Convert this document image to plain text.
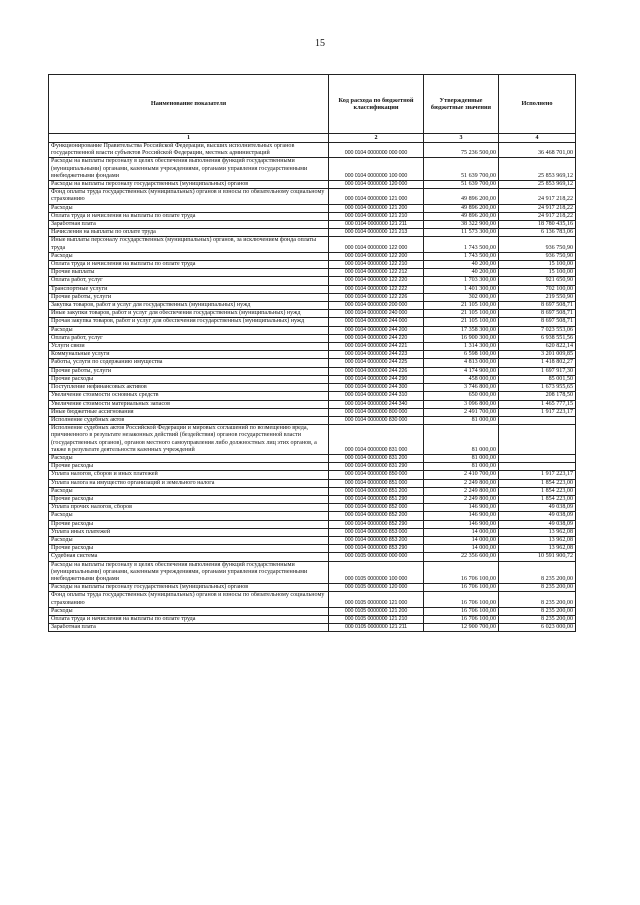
15
Наименование показателя	Код расхода по бюджетной классификации	Утвержденные бюджетные значения	Исполнено
1	2	3	4
Функционирование Правительства Российской Федерации, высших исполнительных органов государственной власти субъектов Российской Федерации, местных администраций	000 0104 0000000 000 000	75 236 500,00	36 468 701,00
Расходы на выплаты персоналу в целях обеспечения выполнения функций государственными (муниципальными) органами, казенными учреждениями, органами управления государственными внебюджетными фондами	000 0104 0000000 100 000	51 639 700,00	25 853 969,12
Расходы на выплаты персоналу государственных (муниципальных) органов	000 0104 0000000 120 000	51 639 700,00	25 853 969,12
Фонд оплаты труда государственных (муниципальных) органов и взносы по обязательному социальному страхованию	000 0104 0000000 121 000	49 896 200,00	24 917 218,22
Расходы	000 0104 0000000 121 200	49 896 200,00	24 917 218,22
Оплата труда и начисления на выплаты по оплате труда	000 0104 0000000 121 210	49 896 200,00	24 917 218,22
Заработная плата	000 0104 0000000 121 211	38 322 900,00	18 780 435,16
Начисления на выплаты по оплате труда	000 0104 0000000 121 213	11 573 300,00	6 136 783,06
Иные выплаты персоналу государственных (муниципальных) органов, за исключением фонда оплаты труда	000 0104 0000000 122 000	1 743 500,00	936 750,90
Расходы	000 0104 0000000 122 200	1 743 500,00	936 750,90
Оплата труда и начисления на выплаты по оплате труда	000 0104 0000000 122 210	40 200,00	15 100,00
Прочие выплаты	000 0104 0000000 122 212	40 200,00	15 100,00
Оплата работ, услуг	000 0104 0000000 122 220	1 703 300,00	921 650,90
Транспортные услуги	000 0104 0000000 122 222	1 401 300,00	702 100,00
Прочие работы, услуги	000 0104 0000000 122 226	302 000,00	219 550,90
Закупка товаров, работ и услуг для государственных (муниципальных) нужд	000 0104 0000000 200 000	21 105 100,00	8 697 508,71
Иные закупки товаров, работ и услуг для обеспечения государственных (муниципальных) нужд	000 0104 0000000 240 000	21 105 100,00	8 697 508,71
Прочая закупка товаров, работ и услуг для обеспечения государственных (муниципальных) нужд	000 0104 0000000 244 000	21 105 100,00	8 697 508,71
Расходы	000 0104 0000000 244 200	17 358 300,00	7 023 553,06
Оплата работ, услуг	000 0104 0000000 244 220	16 900 300,00	6 938 551,56
Услуги связи	000 0104 0000000 244 221	1 314 300,00	620 822,14
Коммунальные услуги	000 0104 0000000 244 223	6 598 100,00	3 201 009,85
Работы, услуги по содержанию имущества	000 0104 0000000 244 225	4 813 000,00	1 418 802,27
Прочие работы, услуги	000 0104 0000000 244 226	4 174 900,00	1 697 917,30
Прочие расходы	000 0104 0000000 244 290	458 000,00	85 001,50
Поступление нефинансовых активов	000 0104 0000000 244 300	3 746 800,00	1 673 955,65
Увеличение стоимости основных средств	000 0104 0000000 244 310	650 000,00	208 178,50
Увеличение стоимости материальных запасов	000 0104 0000000 244 340	3 096 800,00	1 465 777,15
Иные бюджетные ассигнования	000 0104 0000000 800 000	2 491 700,00	1 917 223,17
Исполнение судебных актов	000 0104 0000000 830 000	81 000,00	
Исполнение судебных актов Российской Федерации и мировых соглашений по возмещению вреда, причиненного в результате незаконных действий (бездействия) органов государственной власти (государственных органов), органов местного самоуправления либо должностных лиц этих органов, а также в результате деятельности казенных учреждений	000 0104 0000000 831 000	81 000,00	
Расходы	000 0104 0000000 831 200	81 000,00	
Прочие расходы	000 0104 0000000 831 290	81 000,00	
Уплата налогов, сборов и иных платежей	000 0104 0000000 850 000	2 410 700,00	1 917 223,17
Уплата налога на имущество организаций и земельного налога	000 0104 0000000 851 000	2 249 800,00	1 854 223,00
Расходы	000 0104 0000000 851 200	2 249 800,00	1 854 223,00
Прочие расходы	000 0104 0000000 851 290	2 249 800,00	1 854 223,00
Уплата прочих налогов, сборов	000 0104 0000000 852 000	146 900,00	49 038,09
Расходы	000 0104 0000000 852 200	146 900,00	49 038,09
Прочие расходы	000 0104 0000000 852 290	146 900,00	49 038,09
Уплата иных платежей	000 0104 0000000 853 000	14 000,00	13 962,08
Расходы	000 0104 0000000 853 200	14 000,00	13 962,08
Прочие расходы	000 0104 0000000 853 290	14 000,00	13 962,08
Судебная система	000 0105 0000000 000 000	22 356 600,00	10 591 900,72
Расходы на выплаты персоналу в целях обеспечения выполнения функций государственными (муниципальными) органами, казенными учреждениями, органами управления государственными внебюджетными фондами	000 0105 0000000 100 000	16 706 100,00	8 235 200,00
Расходы на выплаты персоналу государственных (муниципальных) органов	000 0105 0000000 120 000	16 706 100,00	8 235 200,00
Фонд оплаты труда государственных (муниципальных) органов и взносы по обязательному социальному страхованию	000 0105 0000000 121 000	16 706 100,00	8 235 200,00
Расходы	000 0105 0000000 121 200	16 706 100,00	8 235 200,00
Оплата труда и начисления на выплаты по оплате труда	000 0105 0000000 121 210	16 706 100,00	8 235 200,00
Заработная плата	000 0105 0000000 121 211	12 900 700,00	6 023 000,00
